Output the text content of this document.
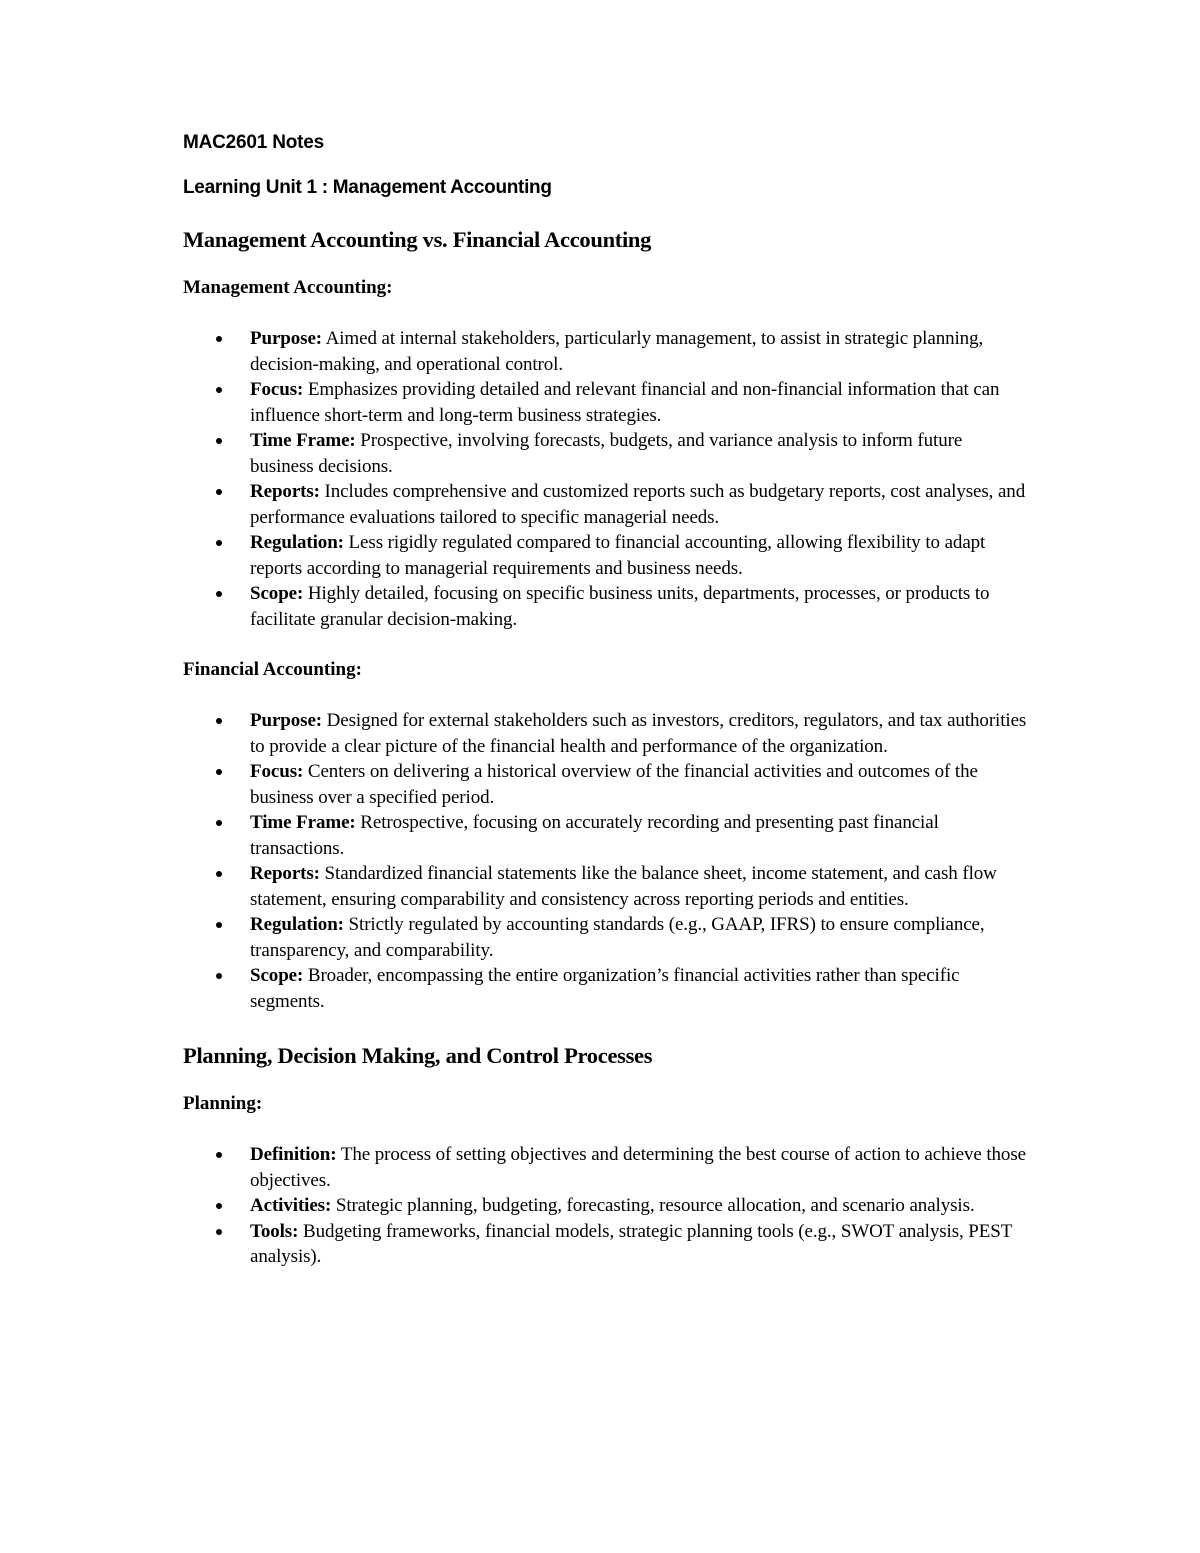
MAC2601 Notes
Learning Unit 1 : Management Accounting
Management Accounting vs. Financial Accounting
Management Accounting:
Purpose: Aimed at internal stakeholders, particularly management, to assist in strategic planning, decision-making, and operational control.
Focus: Emphasizes providing detailed and relevant financial and non-financial information that can influence short-term and long-term business strategies.
Time Frame: Prospective, involving forecasts, budgets, and variance analysis to inform future business decisions.
Reports: Includes comprehensive and customized reports such as budgetary reports, cost analyses, and performance evaluations tailored to specific managerial needs.
Regulation: Less rigidly regulated compared to financial accounting, allowing flexibility to adapt reports according to managerial requirements and business needs.
Scope: Highly detailed, focusing on specific business units, departments, processes, or products to facilitate granular decision-making.
Financial Accounting:
Purpose: Designed for external stakeholders such as investors, creditors, regulators, and tax authorities to provide a clear picture of the financial health and performance of the organization.
Focus: Centers on delivering a historical overview of the financial activities and outcomes of the business over a specified period.
Time Frame: Retrospective, focusing on accurately recording and presenting past financial transactions.
Reports: Standardized financial statements like the balance sheet, income statement, and cash flow statement, ensuring comparability and consistency across reporting periods and entities.
Regulation: Strictly regulated by accounting standards (e.g., GAAP, IFRS) to ensure compliance, transparency, and comparability.
Scope: Broader, encompassing the entire organization’s financial activities rather than specific segments.
Planning, Decision Making, and Control Processes
Planning:
Definition: The process of setting objectives and determining the best course of action to achieve those objectives.
Activities: Strategic planning, budgeting, forecasting, resource allocation, and scenario analysis.
Tools: Budgeting frameworks, financial models, strategic planning tools (e.g., SWOT analysis, PEST analysis).
